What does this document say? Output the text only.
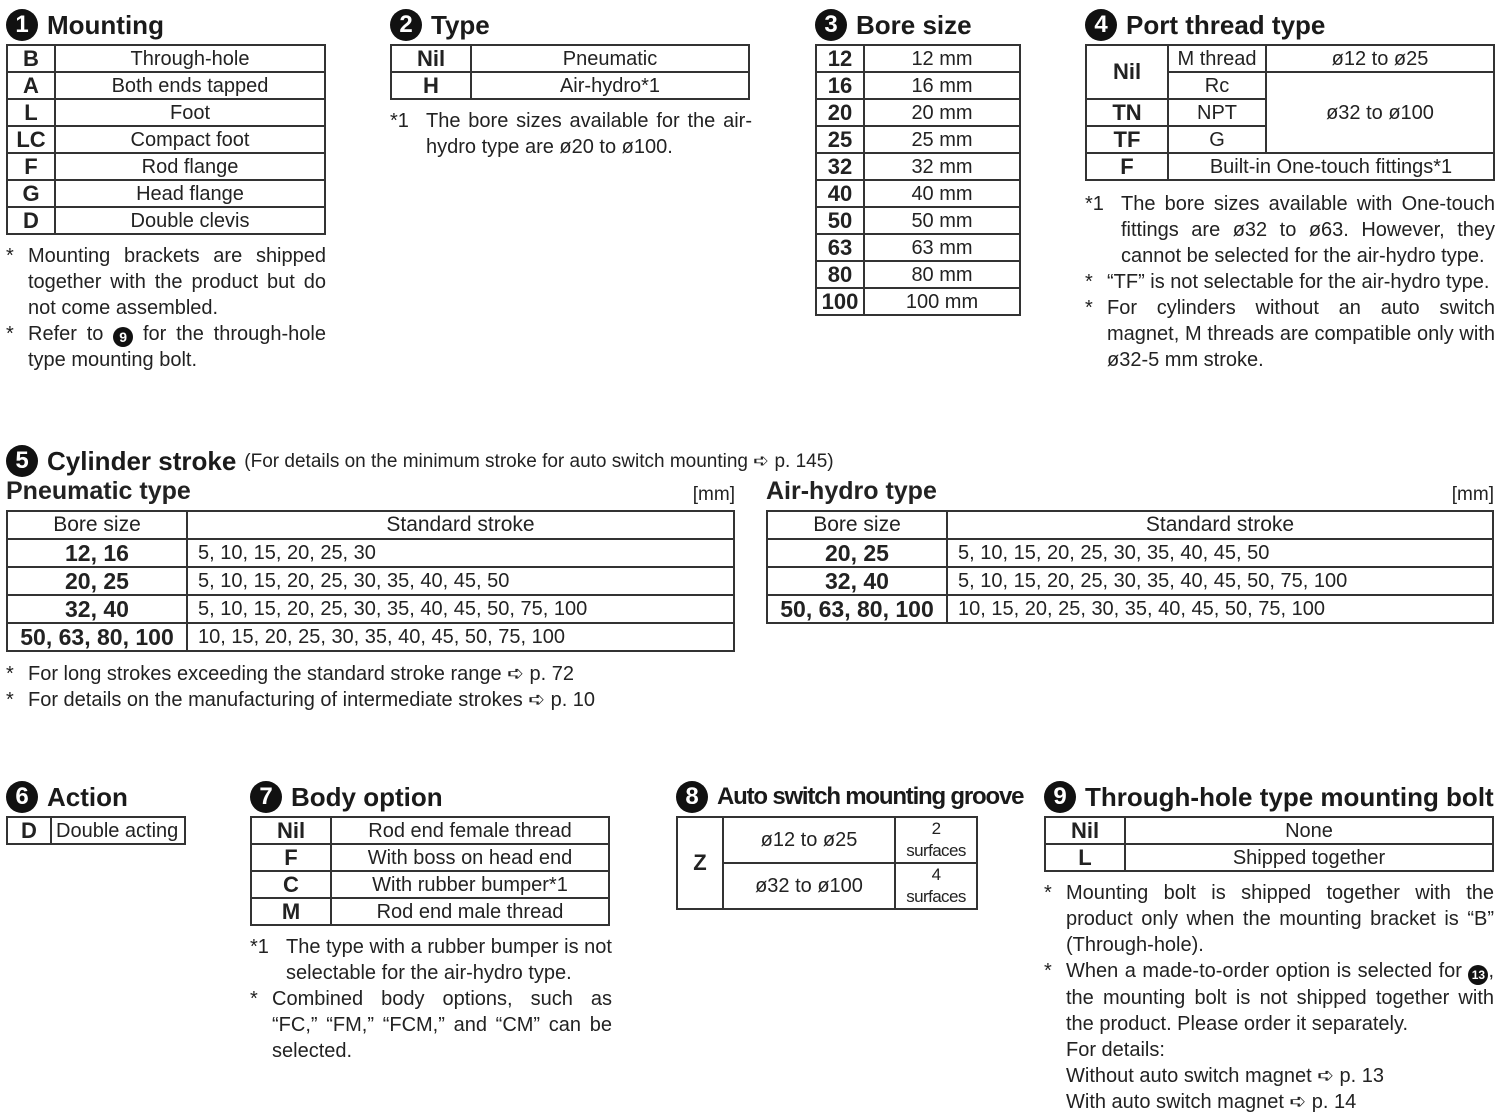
1 Mounting
B	Through-hole
A	Both ends tapped
L	Foot
LC	Compact foot
F	Rod flange
G	Head flange
D	Double clevis
* Mounting brackets are shipped together with the product but do not come assembled.
* Refer to 9 for the through-hole type mounting bolt.
2 Type
Nil	Pneumatic
H	Air-hydro*1
*1 The bore sizes available for the air-hydro type are ø20 to ø100.
3 Bore size
12	12 mm
16	16 mm
20	20 mm
25	25 mm
32	32 mm
40	40 mm
50	50 mm
63	63 mm
80	80 mm
100	100 mm
4 Port thread type
Nil	M thread	ø12 to ø25
	Rc	ø32 to ø100
TN	NPT	
TF	G	
F	Built-in One-touch fittings*1	
*1 The bore sizes available with One-touch fittings are ø32 to ø63. However, they cannot be selected for the air-hydro type.
* “TF” is not selectable for the air-hydro type.
* For cylinders without an auto switch magnet, M threads are compatible only with ø32-5 mm stroke.
5 Cylinder stroke (For details on the minimum stroke for auto switch mounting ➪ p. 145)
Pneumatic type	[mm]
Bore size	Standard stroke
12, 16	5, 10, 15, 20, 25, 30
20, 25	5, 10, 15, 20, 25, 30, 35, 40, 45, 50
32, 40	5, 10, 15, 20, 25, 30, 35, 40, 45, 50, 75, 100
50, 63, 80, 100	10, 15, 20, 25, 30, 35, 40, 45, 50, 75, 100
Air-hydro type	[mm]
Bore size	Standard stroke
20, 25	5, 10, 15, 20, 25, 30, 35, 40, 45, 50
32, 40	5, 10, 15, 20, 25, 30, 35, 40, 45, 50, 75, 100
50, 63, 80, 100	10, 15, 20, 25, 30, 35, 40, 45, 50, 75, 100
* For long strokes exceeding the standard stroke range ➪ p. 72
* For details on the manufacturing of intermediate strokes ➪ p. 10
6 Action
D	Double acting
7 Body option
Nil	Rod end female thread
F	With boss on head end
C	With rubber bumper*1
M	Rod end male thread
*1 The type with a rubber bumper is not selectable for the air-hydro type.
* Combined body options, such as “FC,” “FM,” “FCM,” and “CM” can be selected.
8 Auto switch mounting groove
Z	ø12 to ø25	2 surfaces
	ø32 to ø100	4 surfaces
9 Through-hole type mounting bolt
Nil	None
L	Shipped together
* Mounting bolt is shipped together with the product only when the mounting bracket is “B” (Through-hole).
* When a made-to-order option is selected for 13 , the mounting bolt is not shipped together with the product. Please order it separately.
For details:
Without auto switch magnet ➪ p. 13
With auto switch magnet ➪ p. 14
